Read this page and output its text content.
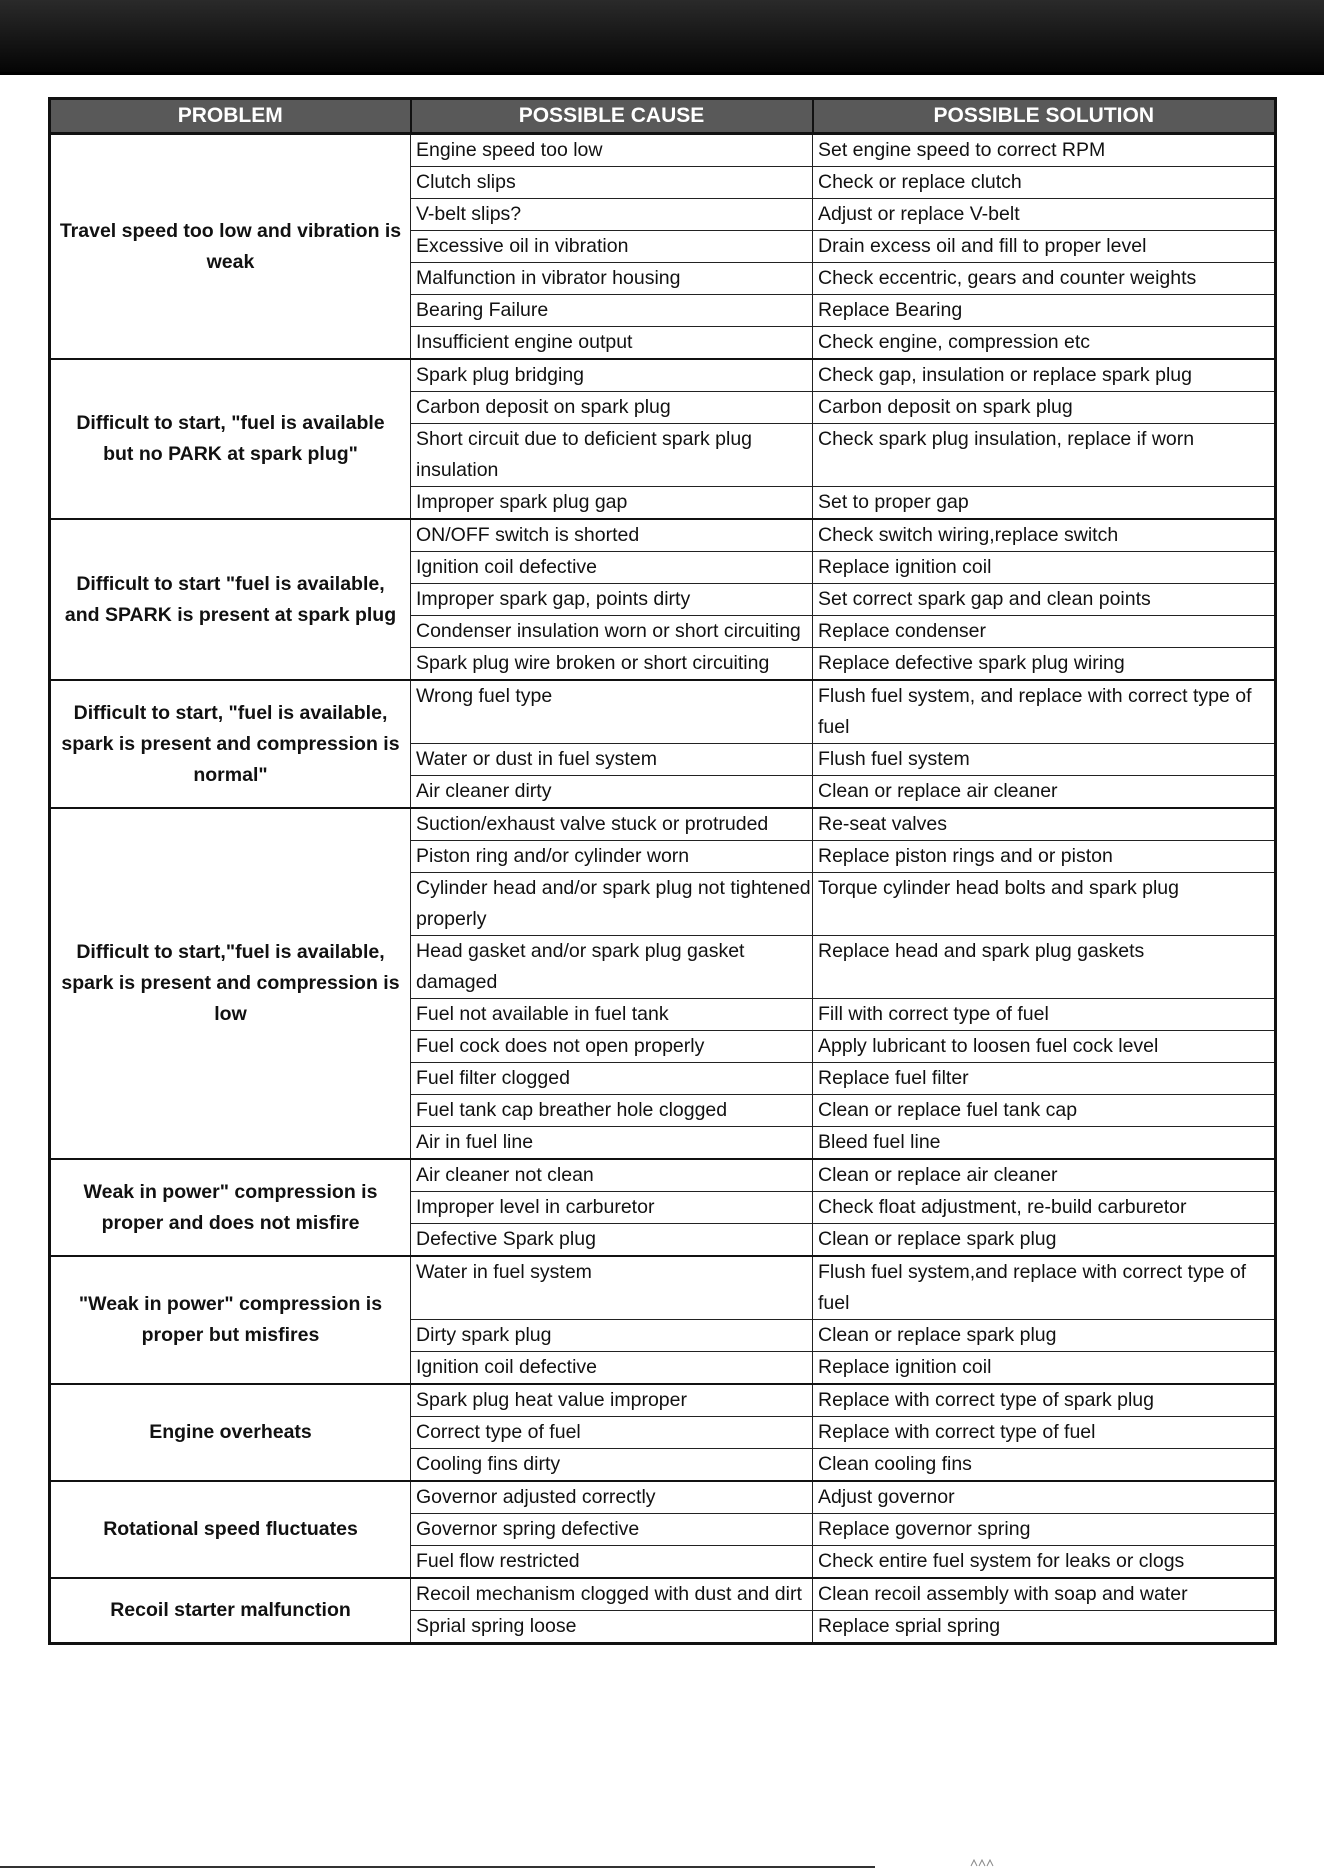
PROBLEM	POSSIBLE CAUSE	POSSIBLE SOLUTION
Travel speed too low and vibration is weak	Engine speed too low	Set engine speed to correct RPM
	Clutch slips	Check or replace clutch
	V-belt slips?	Adjust or replace V-belt
	Excessive oil in vibration	Drain excess oil and fill to proper level
	Malfunction in vibrator housing	Check eccentric, gears and counter weights
	Bearing Failure	Replace Bearing
	Insufficient engine output	Check engine, compression etc
Difficult to start, "fuel is available but no PARK at spark plug"	Spark plug bridging	Check gap, insulation or replace spark plug
	Carbon deposit on spark plug	Carbon deposit on spark plug
	Short circuit due to deficient spark plug insulation	Check spark plug insulation, replace if worn
	Improper spark plug gap	Set to proper gap
Difficult to start "fuel is available, and SPARK is present at spark plug	ON/OFF switch is shorted	Check switch wiring,replace switch
	Ignition coil defective	Replace ignition coil
	Improper spark gap, points dirty	Set correct spark gap and clean points
	Condenser insulation worn or short circuiting	Replace condenser
	Spark plug wire broken or short circuiting	Replace defective spark plug wiring
Difficult to start, "fuel is available, spark is present and compression is normal"	Wrong fuel type	Flush fuel system, and replace with correct type of fuel
	Water or dust in fuel system	Flush fuel system
	Air cleaner dirty	Clean or replace air cleaner
Difficult to start,"fuel is available, spark is present and compression is low	Suction/exhaust valve stuck or protruded	Re-seat valves
	Piston ring and/or cylinder worn	Replace piston rings and or piston
	Cylinder head and/or spark plug not tightened properly	Torque cylinder head bolts and spark plug
	Head gasket and/or spark plug gasket damaged	Replace head and spark plug gaskets
	Fuel not available in fuel tank	Fill with correct type of fuel
	Fuel cock does not open properly	Apply lubricant to loosen fuel cock level
	Fuel filter clogged	Replace fuel filter
	Fuel tank cap breather hole clogged	Clean or replace fuel tank cap
	Air in fuel line	Bleed fuel line
Weak in power" compression is proper and does not misfire	Air cleaner not clean	Clean or replace air cleaner
	Improper level in carburetor	Check float adjustment, re-build carburetor
	Defective Spark plug	Clean or replace spark plug
"Weak in power" compression is proper but misfires	Water in fuel system	Flush fuel system,and replace with correct type of fuel
	Dirty spark plug	Clean or replace spark plug
	Ignition coil defective	Replace ignition coil
Engine overheats	Spark plug heat value improper	Replace with correct type of spark plug
	Correct type of fuel	Replace with correct type of fuel
	Cooling fins dirty	Clean cooling fins
Rotational speed fluctuates	Governor adjusted correctly	Adjust governor
	Governor spring defective	Replace governor spring
	Fuel flow restricted	Check entire fuel system for leaks or clogs
Recoil starter malfunction	Recoil mechanism clogged with dust and dirt	Clean recoil assembly with soap and water
	Sprial spring loose	Replace sprial spring
